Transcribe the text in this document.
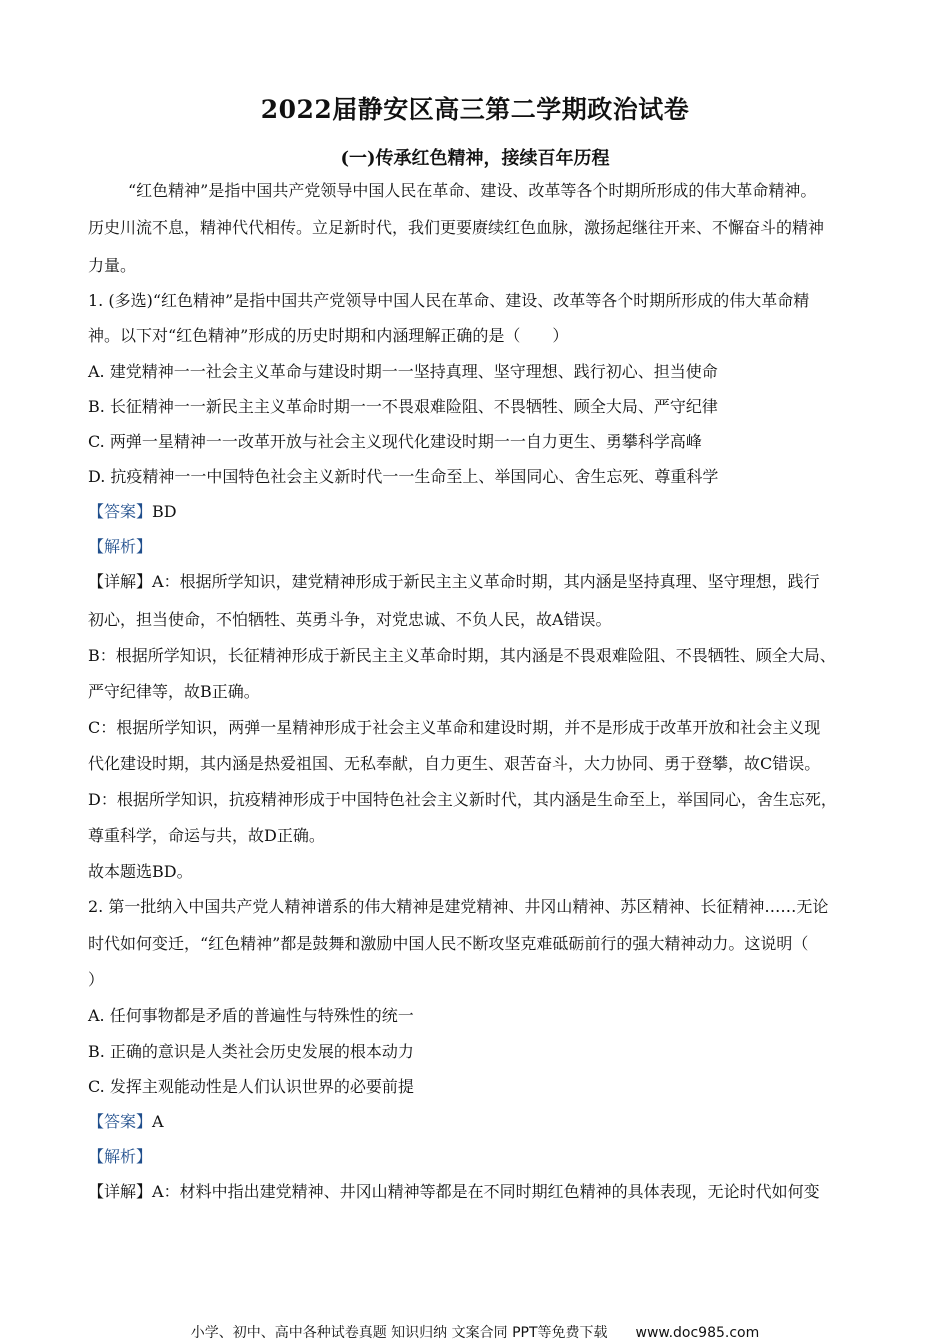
2022届静安区高三第二学期政治试卷
(一)传承红色精神，接续百年历程
“红色精神”是指中国共产党领导中国人民在革命、建设、改革等各个时期所形成的伟大革命精神。
历史川流不息，精神代代相传。立足新时代，我们更要赓续红色血脉，激扬起继往开来、不懈奋斗的精神
力量。
1. (多选)“红色精神”是指中国共产党领导中国人民在革命、建设、改革等各个时期所形成的伟大革命精
神。以下对“红色精神”形成的历史时期和内涵理解正确的是（　　）
A. 建党精神一一社会主义革命与建设时期一一坚持真理、坚守理想、践行初心、担当使命
B. 长征精神一一新民主主义革命时期一一不畏艰难险阻、不畏牺牲、顾全大局、严守纪律
C. 两弹一星精神一一改革开放与社会主义现代化建设时期一一自力更生、勇攀科学高峰
D. 抗疫精神一一中国特色社会主义新时代一一生命至上、举国同心、舍生忘死、尊重科学
【答案】BD
【解析】
【详解】A：根据所学知识，建党精神形成于新民主主义革命时期，其内涵是坚持真理、坚守理想，践行
初心，担当使命，不怕牺牲、英勇斗争，对党忠诚、不负人民，故A错误。
B：根据所学知识，长征精神形成于新民主主义革命时期，其内涵是不畏艰难险阻、不畏牺牲、顾全大局、
严守纪律等，故B正确。
C：根据所学知识，两弹一星精神形成于社会主义革命和建设时期，并不是形成于改革开放和社会主义现
代化建设时期，其内涵是热爱祖国、无私奉献，自力更生、艰苦奋斗，大力协同、勇于登攀，故C错误。
D：根据所学知识，抗疫精神形成于中国特色社会主义新时代，其内涵是生命至上，举国同心，舍生忘死，
尊重科学，命运与共，故D正确。
故本题选BD。
2. 第一批纳入中国共产党人精神谱系的伟大精神是建党精神、井冈山精神、苏区精神、长征精神……无论
时代如何变迁，“红色精神”都是鼓舞和激励中国人民不断攻坚克难砥砺前行的强大精神动力。这说明（
）
A. 任何事物都是矛盾的普遍性与特殊性的统一
B. 正确的意识是人类社会历史发展的根本动力
C. 发挥主观能动性是人们认识世界的必要前提
【答案】A
【解析】
【详解】A：材料中指出建党精神、井冈山精神等都是在不同时期红色精神的具体表现，无论时代如何变
小学、初中、高中各种试卷真题 知识归纳 文案合同 PPT等免费下载　　www.doc985.com
